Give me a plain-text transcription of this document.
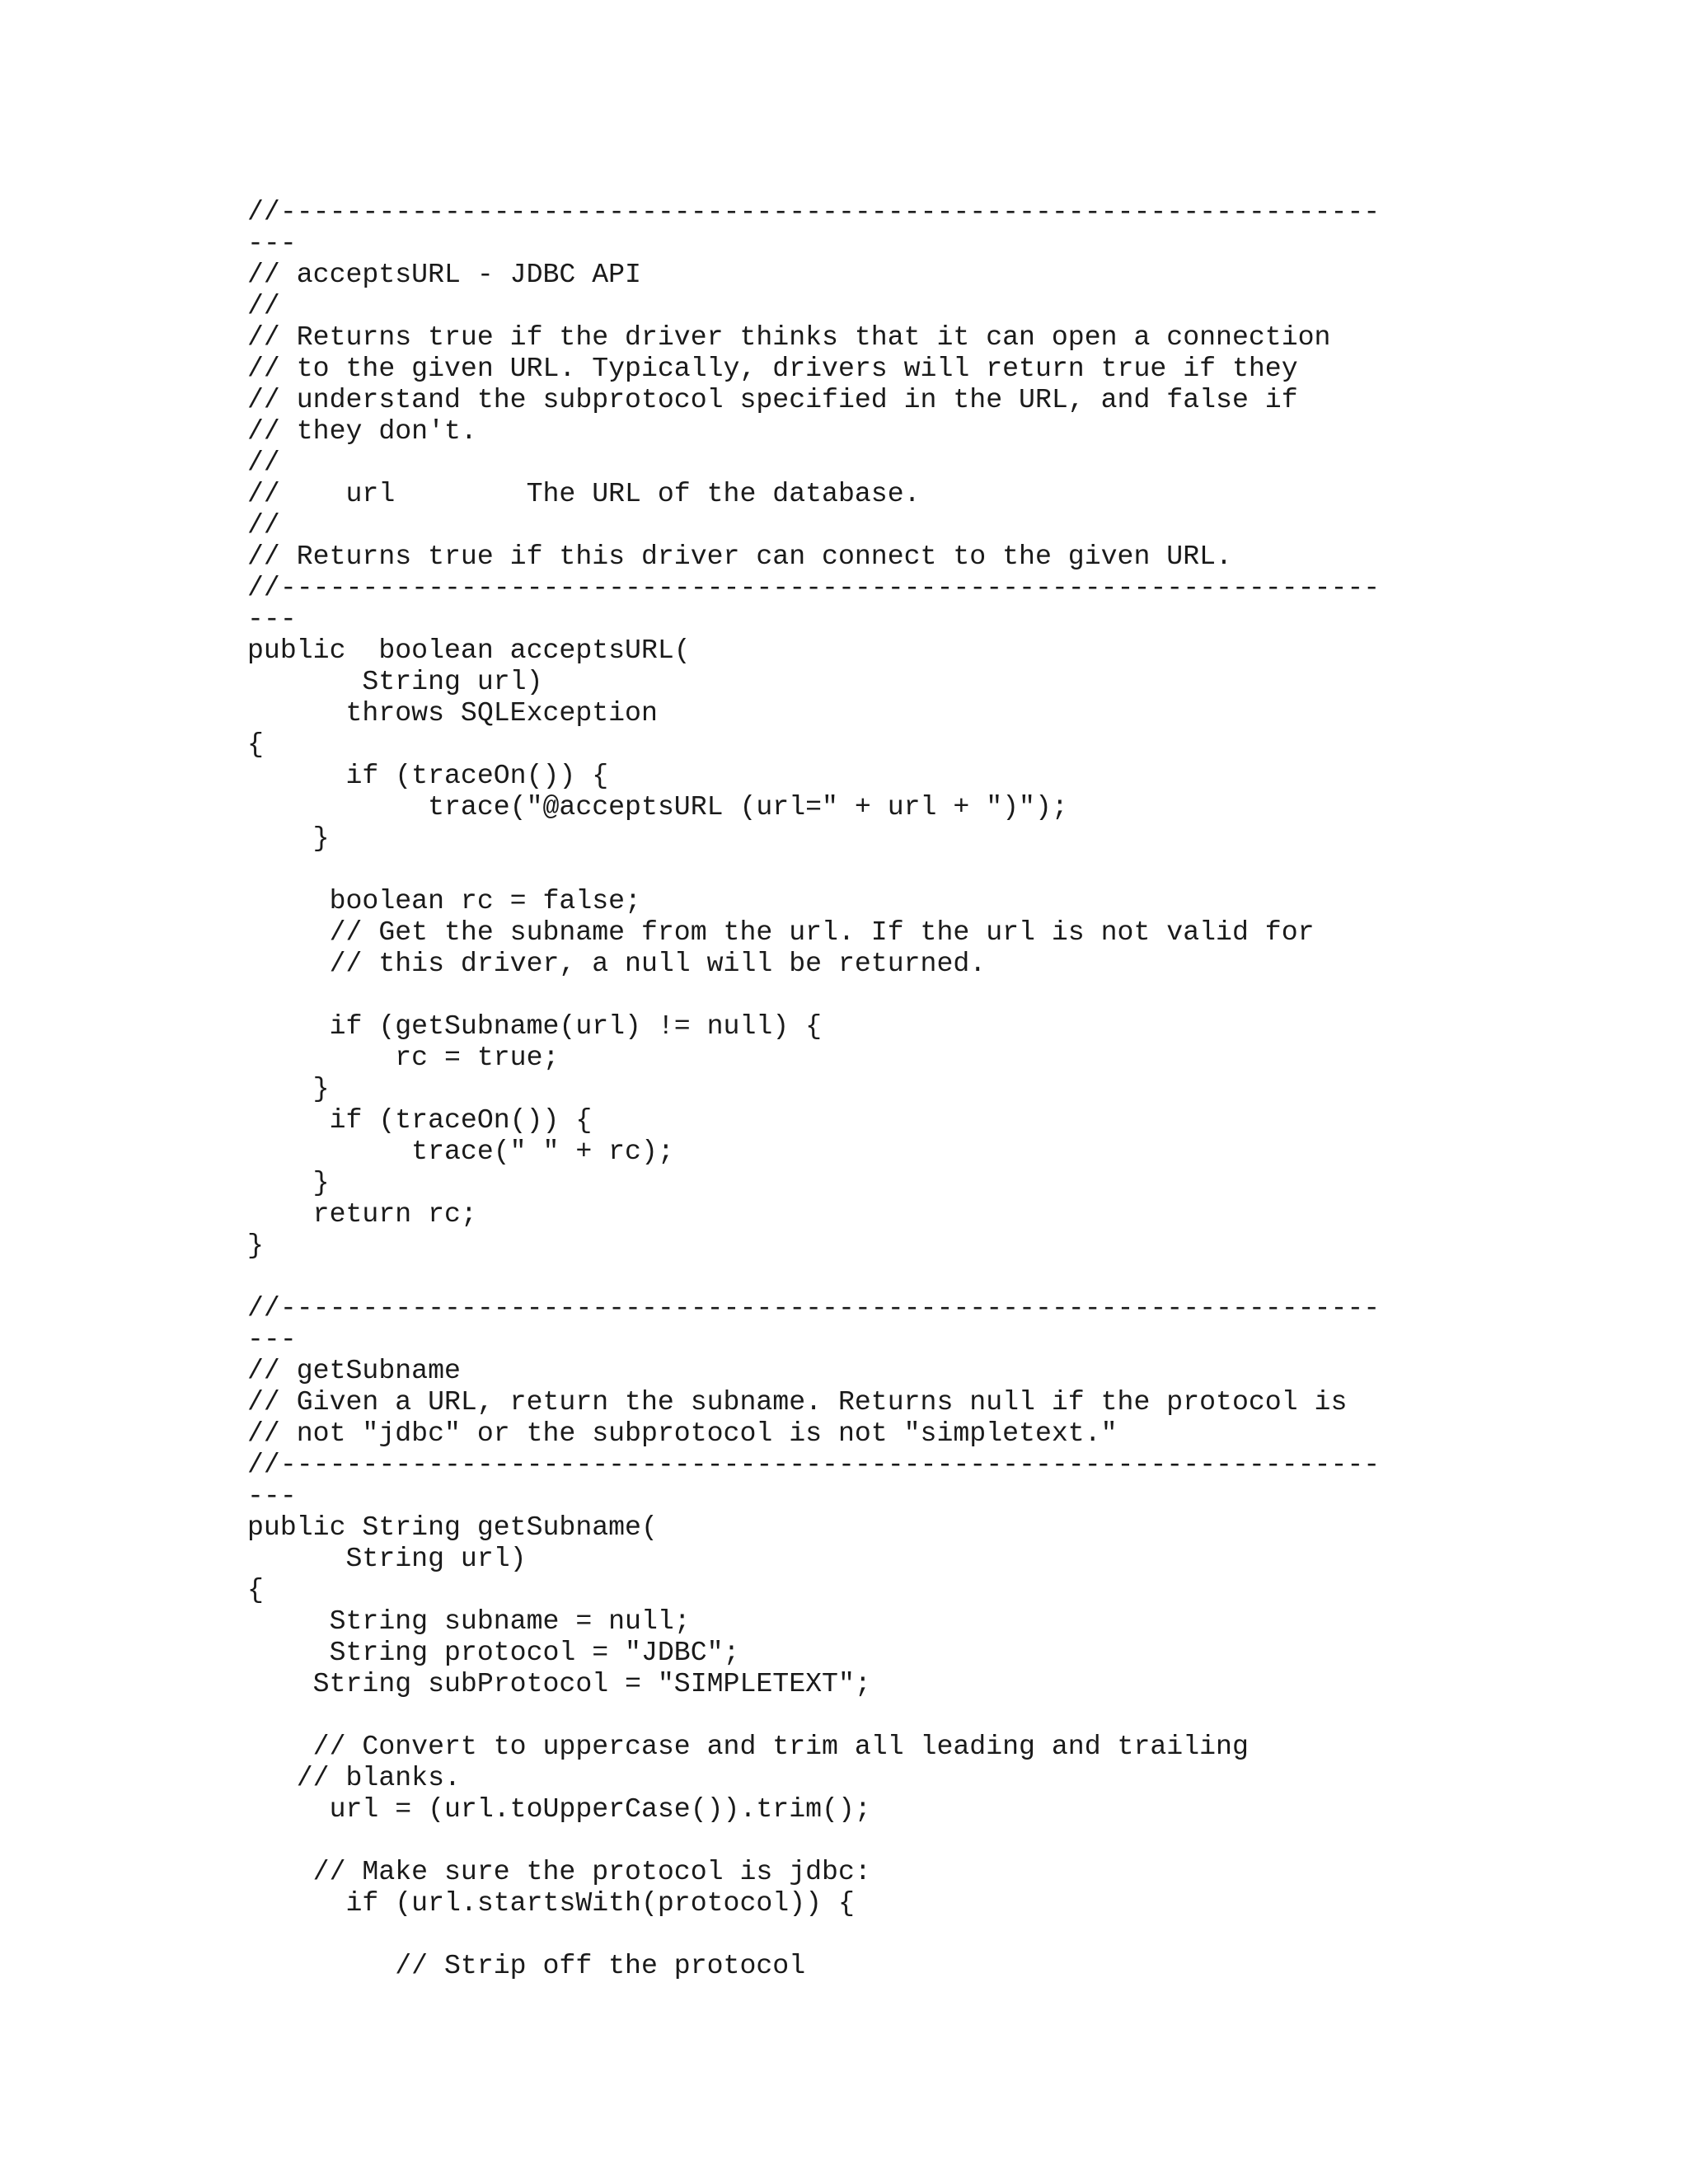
//-------------------------------------------------------------------
---
// acceptsURL - JDBC API
//
// Returns true if the driver thinks that it can open a connection
// to the given URL. Typically, drivers will return true if they
// understand the subprotocol specified in the URL, and false if
// they don't.
//
//    url        The URL of the database.
//
// Returns true if this driver can connect to the given URL.
//-------------------------------------------------------------------
---
public  boolean acceptsURL(
String url)
throws SQLException
{
if (traceOn()) {
trace("@acceptsURL (url=" + url + ")");
}
boolean rc = false;
// Get the subname from the url. If the url is not valid for
// this driver, a null will be returned.
if (getSubname(url) != null) {
rc = true;
}
if (traceOn()) {
trace(" " + rc);
}
return rc;
}
//-------------------------------------------------------------------
---
// getSubname
// Given a URL, return the subname. Returns null if the protocol is
// not "jdbc" or the subprotocol is not "simpletext."
//-------------------------------------------------------------------
---
public String getSubname(
String url)
{
String subname = null;
String protocol = "JDBC";
String subProtocol = "SIMPLETEXT";
// Convert to uppercase and trim all leading and trailing
// blanks.
url = (url.toUpperCase()).trim();
// Make sure the protocol is jdbc:
if (url.startsWith(protocol)) {
// Strip off the protocol
